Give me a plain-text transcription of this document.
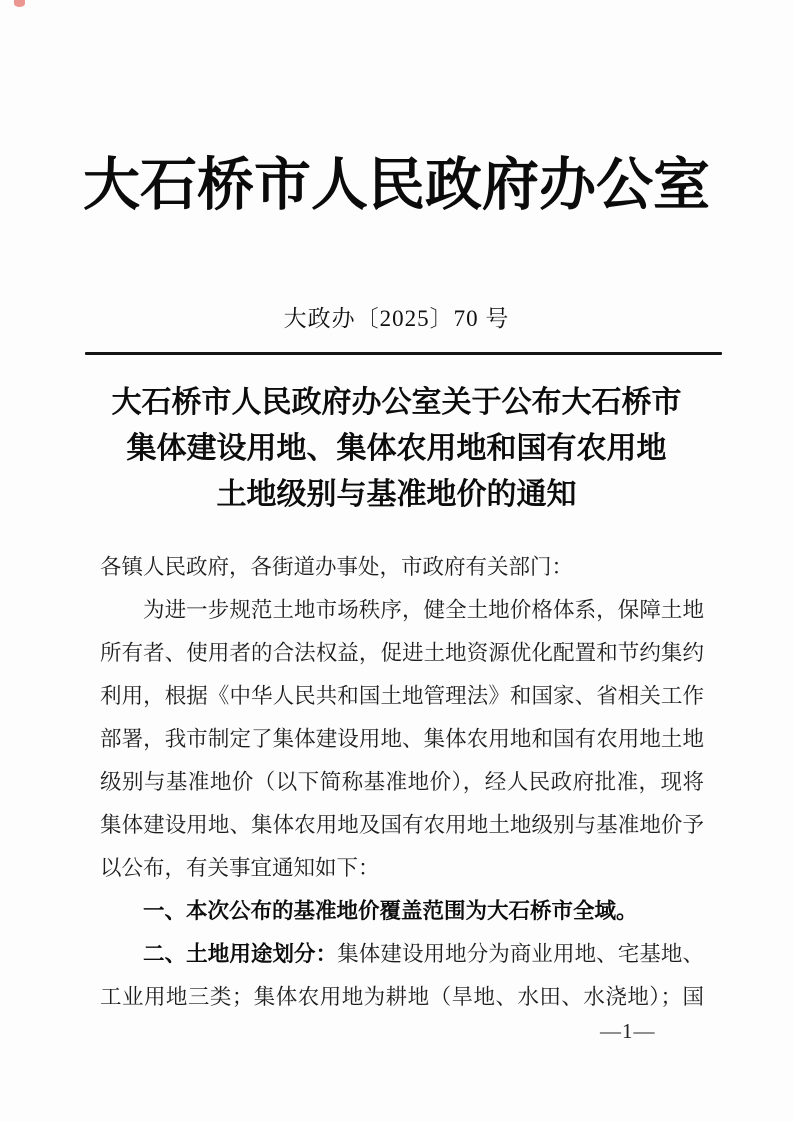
大石桥市人民政府办公室
大政办〔2025〕70 号
大石桥市人民政府办公室关于公布大石桥市
集体建设用地、集体农用地和国有农用地
土地级别与基准地价的通知
各镇人民政府，各街道办事处，市政府有关部门：
为进一步规范土地市场秩序，健全土地价格体系，保障土地
所有者、使用者的合法权益，促进土地资源优化配置和节约集约
利用，根据《中华人民共和国土地管理法》和国家、省相关工作
部署，我市制定了集体建设用地、集体农用地和国有农用地土地
级别与基准地价（以下简称基准地价），经人民政府批准，现将
集体建设用地、集体农用地及国有农用地土地级别与基准地价予
以公布，有关事宜通知如下：
一、本次公布的基准地价覆盖范围为大石桥市全域。
二、土地用途划分：集体建设用地分为商业用地、宅基地、
工业用地三类；集体农用地为耕地（旱地、水田、水浇地）；国
—1—
